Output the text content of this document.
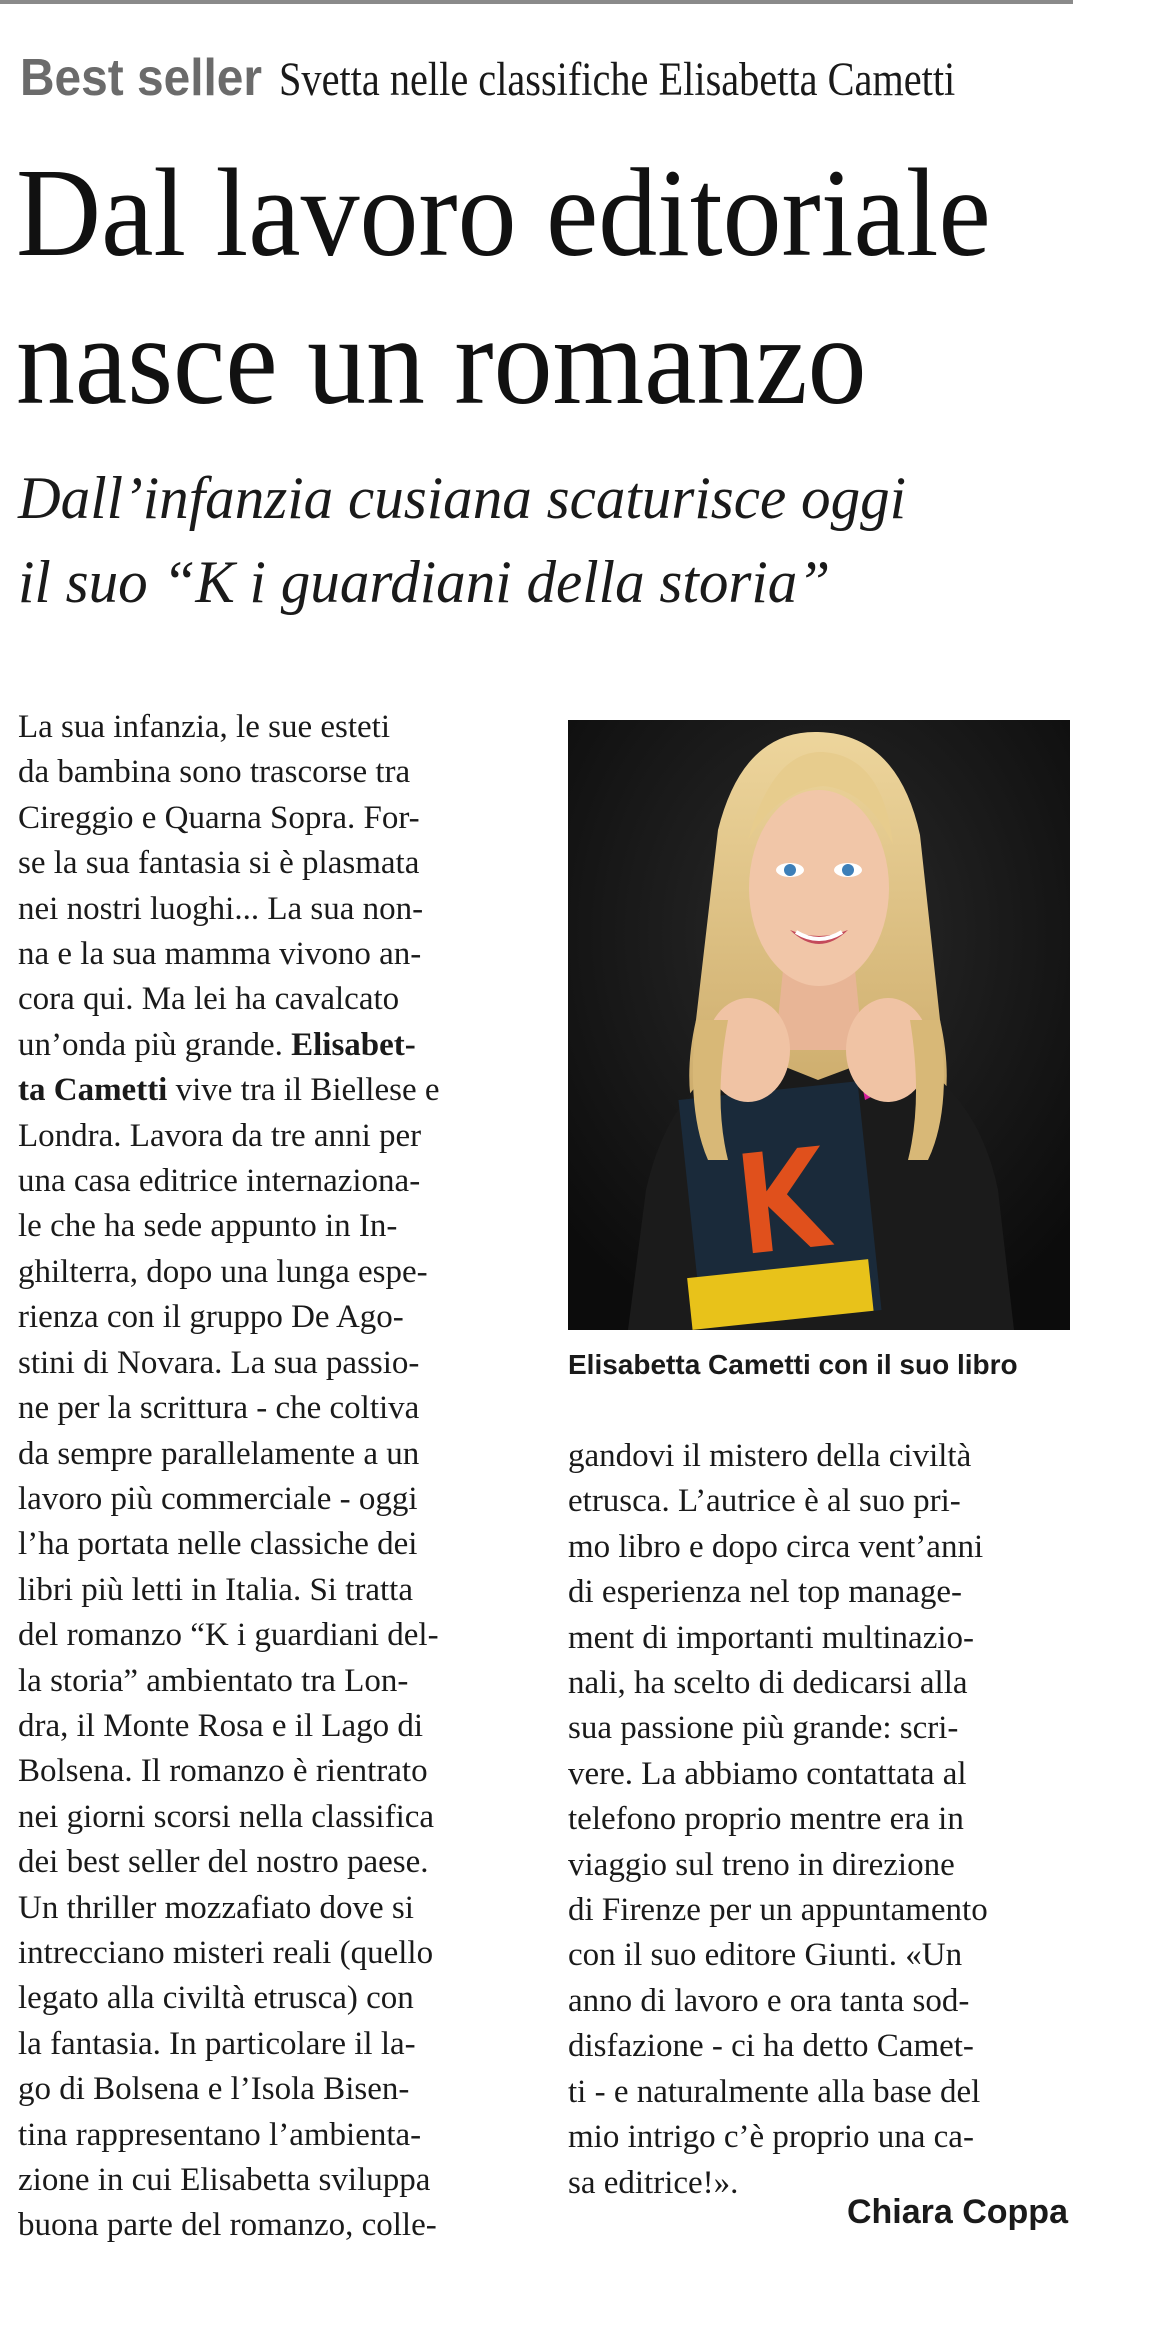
Best seller Svetta nelle classifiche Elisabetta Cametti
Dal lavoro editoriale
nasce un romanzo
Dall’infanzia cusiana scaturisce oggi
il suo “K i guardiani della storia”
La sua infanzia, le sue esteti
da bambina sono trascorse tra
Cireggio e Quarna Sopra. For-
se la sua fantasia si è plasmata
nei nostri luoghi... La sua non-
na e la sua mamma vivono an-
cora qui. Ma lei ha cavalcato
un’onda più grande. Elisabet-
ta Cametti vive tra il Biellese e
Londra. Lavora da tre anni per
una casa editrice internaziona-
le che ha sede appunto in In-
ghilterra, dopo una lunga espe-
rienza con il gruppo De Ago-
stini di Novara. La sua passio-
ne per la scrittura - che coltiva
da sempre parallelamente a un
lavoro più commerciale - oggi
l’ha portata nelle classiche dei
libri più letti in Italia. Si tratta
del romanzo “K i guardiani del-
la storia” ambientato tra Lon-
dra, il Monte Rosa e il Lago di
Bolsena. Il romanzo è rientrato
nei giorni scorsi nella classifica
dei best seller del nostro paese.
Un thriller mozzafiato dove si
intrecciano misteri reali (quello
legato alla civiltà etrusca) con
la fantasia. In particolare il la-
go di Bolsena e l’Isola Bisen-
tina rappresentano l’ambienta-
zione in cui Elisabetta sviluppa
buona parte del romanzo, colle-
Elisabetta Cametti con il suo libro
gandovi il mistero della civiltà
etrusca. L’autrice è al suo pri-
mo libro e dopo circa vent’anni
di esperienza nel top manage-
ment di importanti multinazio-
nali, ha scelto di dedicarsi alla
sua passione più grande: scri-
vere. La abbiamo contattata al
telefono proprio mentre era in
viaggio sul treno in direzione
di Firenze per un appuntamento
con il suo editore Giunti. «Un
anno di lavoro e ora tanta sod-
disfazione - ci ha detto Camet-
ti - e naturalmente alla base del
mio intrigo c’è proprio una ca-
sa editrice!».
Chiara Coppa
